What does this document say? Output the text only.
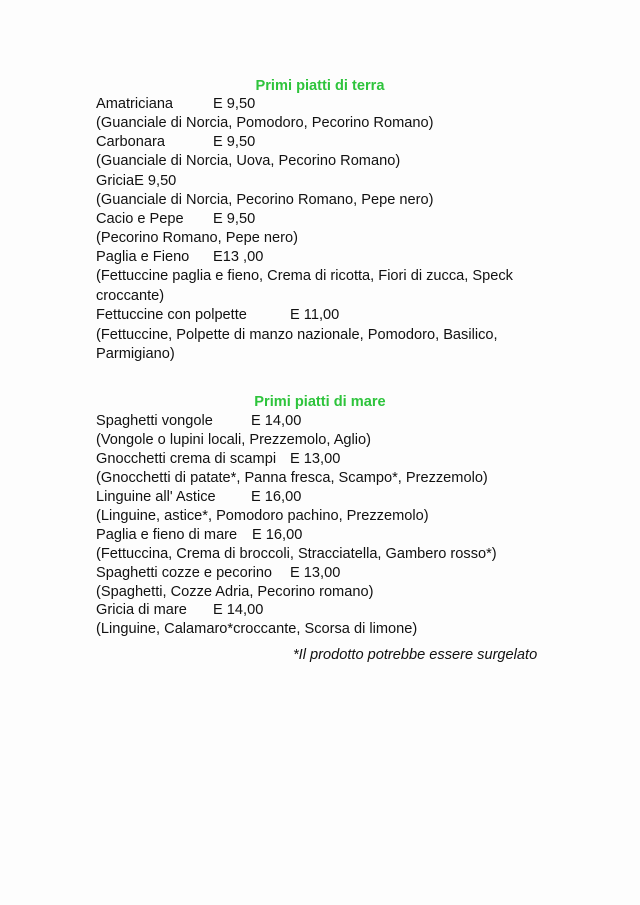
Primi piatti di terra
Amatriciana	E 9,50
(Guanciale di Norcia, Pomodoro, Pecorino Romano)
Carbonara	E 9,50
(Guanciale di Norcia, Uova, Pecorino Romano)
GriciaE 9,50
(Guanciale di Norcia, Pecorino Romano, Pepe nero)
Cacio e Pepe E 9,50
(Pecorino Romano, Pepe nero)
Paglia e Fieno E13 ,00
(Fettuccine paglia e fieno, Crema di ricotta, Fiori di zucca, Speck
croccante)
Fettuccine con polpette	E 11,00
(Fettuccine, Polpette di manzo nazionale, Pomodoro, Basilico,
Parmigiano)
Primi piatti di mare
Spaghetti vongole	E 14,00
(Vongole o lupini locali, Prezzemolo, Aglio)
Gnocchetti crema di scampi E 13,00
(Gnocchetti di patate*, Panna fresca, Scampo*, Prezzemolo)
Linguine all' Astice E 16,00
(Linguine, astice*, Pomodoro pachino, Prezzemolo)
Paglia e fieno di mare E 16,00
(Fettuccina, Crema di broccoli, Stracciatella, Gambero rosso*)
Spaghetti cozze e pecorino E 13,00
(Spaghetti, Cozze Adria, Pecorino romano)
Gricia di mare E 14,00
(Linguine, Calamaro*croccante, Scorsa di limone)
*Il prodotto potrebbe essere surgelato
